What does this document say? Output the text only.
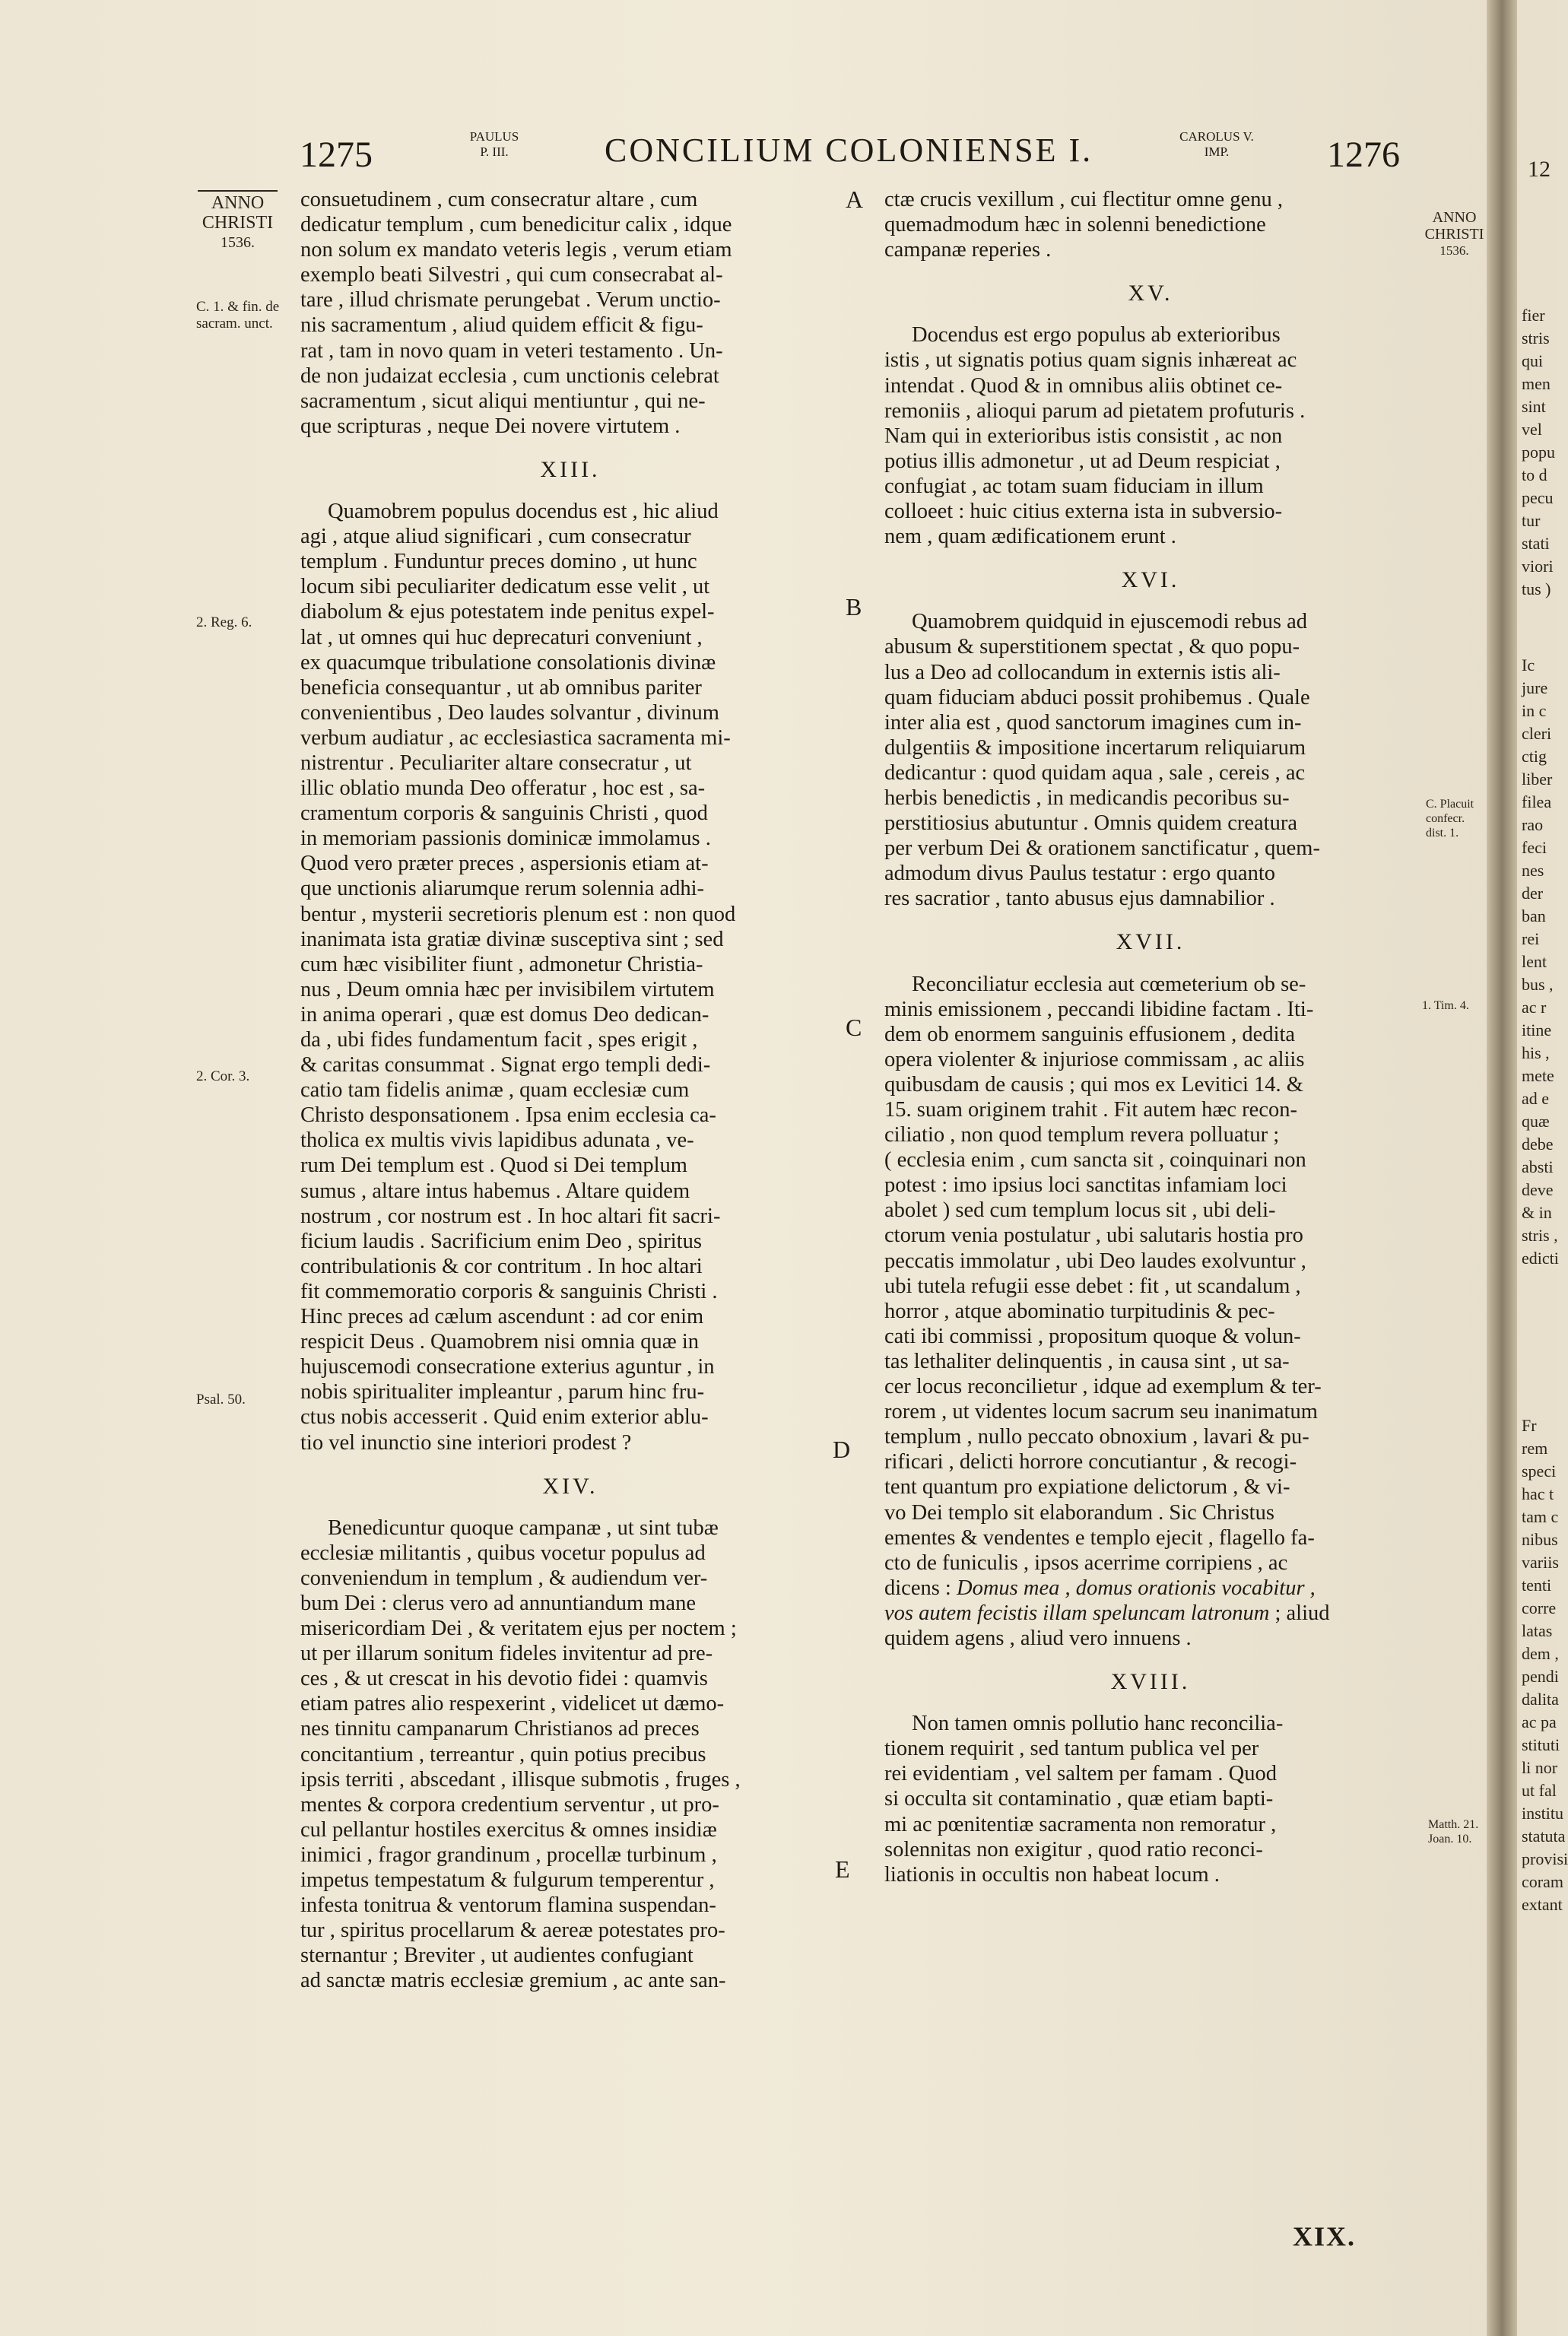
1275	PAULUS
P. III.	CONCILIUM COLONIENSE I.	CAROLUS V.
IMP.	1276
ANNO
CHRISTI
1536.
C. 1. & fin. de sacram. unct.
2. Reg. 6.
2. Cor. 3.
Psal. 50.
A
B
C
D
E
ANNO
CHRISTI
1536.
C. Placuit
confecr.
dist. 1.
1. Tim. 4.
Matth. 21.
Joan. 10.

consuetudinem , cum consecratur altare , cum
dedicatur templum , cum benedicitur calix , idque
non solum ex mandato veteris legis , verum etiam
exemplo beati Silvestri , qui cum consecrabat al-
tare , illud chrismate perungebat . Verum unctio-
nis sacramentum , aliud quidem efficit & figu-
rat , tam in novo quam in veteri testamento . Un-
de non judaizat ecclesia , cum unctionis celebrat
sacramentum , sicut aliqui mentiuntur , qui ne-
que scripturas , neque Dei novere virtutem .

XIII.

Quamobrem populus docendus est , hic aliud
agi , atque aliud significari , cum consecratur
templum . Funduntur preces domino , ut hunc
locum sibi peculiariter dedicatum esse velit , ut
diabolum & ejus potestatem inde penitus expel-
lat , ut omnes qui huc deprecaturi conveniunt ,
ex quacumque tribulatione consolationis divinæ
beneficia consequantur , ut ab omnibus pariter
convenientibus , Deo laudes solvantur , divinum
verbum audiatur , ac ecclesiastica sacramenta mi-
nistrentur . Peculiariter altare consecratur , ut
illic oblatio munda Deo offeratur , hoc est , sa-
cramentum corporis & sanguinis Christi , quod
in memoriam passionis dominicæ immolamus .
Quod vero præter preces , aspersionis etiam at-
que unctionis aliarumque rerum solennia adhi-
bentur , mysterii secretioris plenum est : non quod
inanimata ista gratiæ divinæ susceptiva sint ; sed
cum hæc visibiliter fiunt , admonetur Christia-
nus , Deum omnia hæc per invisibilem virtutem
in anima operari , quæ est domus Deo dedican-
da , ubi fides fundamentum facit , spes erigit ,
& caritas consummat . Signat ergo templi dedi-
catio tam fidelis animæ , quam ecclesiæ cum
Christo desponsationem . Ipsa enim ecclesia ca-
tholica ex multis vivis lapidibus adunata , ve-
rum Dei templum est . Quod si Dei templum
sumus , altare intus habemus . Altare quidem
nostrum , cor nostrum est . In hoc altari fit sacri-
ficium laudis . Sacrificium enim Deo , spiritus
contribulationis & cor contritum . In hoc altari
fit commemoratio corporis & sanguinis Christi .
Hinc preces ad cælum ascendunt : ad cor enim
respicit Deus . Quamobrem nisi omnia quæ in
hujuscemodi consecratione exterius aguntur , in
nobis spiritualiter impleantur , parum hinc fru-
ctus nobis accesserit . Quid enim exterior ablu-
tio vel inunctio sine interiori prodest ?

XIV.

Benedicuntur quoque campanæ , ut sint tubæ
ecclesiæ militantis , quibus vocetur populus ad
conveniendum in templum , & audiendum ver-
bum Dei : clerus vero ad annuntiandum mane
misericordiam Dei , & veritatem ejus per noctem ;
ut per illarum sonitum fideles invitentur ad pre-
ces , & ut crescat in his devotio fidei : quamvis
etiam patres alio respexerint , videlicet ut dæmo-
nes tinnitu campanarum Christianos ad preces
concitantium , terreantur , quin potius precibus
ipsis territi , abscedant , illisque submotis , fruges ,
mentes & corpora credentium serventur , ut pro-
cul pellantur hostiles exercitus & omnes insidiæ
inimici , fragor grandinum , procellæ turbinum ,
impetus tempestatum & fulgurum temperentur ,
infesta tonitrua & ventorum flamina suspendan-
tur , spiritus procellarum & aereæ potestates pro-
sternantur ; Breviter , ut audientes confugiant
ad sanctæ matris ecclesiæ gremium , ac ante san-

ctæ crucis vexillum , cui flectitur omne genu ,
quemadmodum hæc in solenni benedictione
campanæ reperies .

XV.

Docendus est ergo populus ab exterioribus
istis , ut signatis potius quam signis inhæreat ac
intendat . Quod & in omnibus aliis obtinet ce-
remoniis , alioqui parum ad pietatem profuturis .
Nam qui in exterioribus istis consistit , ac non
potius illis admonetur , ut ad Deum respiciat ,
confugiat , ac totam suam fiduciam in illum
colloeet : huic citius externa ista in subversio-
nem , quam ædificationem erunt .

XVI.

Quamobrem quidquid in ejuscemodi rebus ad
abusum & superstitionem spectat , & quo popu-
lus a Deo ad collocandum in externis istis ali-
quam fiduciam abduci possit prohibemus . Quale
inter alia est , quod sanctorum imagines cum in-
dulgentiis & impositione incertarum reliquiarum
dedicantur : quod quidam aqua , sale , cereis , ac
herbis benedictis , in medicandis pecoribus su-
perstitiosius abutuntur . Omnis quidem creatura
per verbum Dei & orationem sanctificatur , quem-
admodum divus Paulus testatur : ergo quanto
res sacratior , tanto abusus ejus damnabilior .

XVII.

Reconciliatur ecclesia aut cœmeterium ob se-
minis emissionem , peccandi libidine factam . Iti-
dem ob enormem sanguinis effusionem , dedita
opera violenter & injuriose commissam , ac aliis
quibusdam de causis ; qui mos ex Levitici 14. &
15. suam originem trahit . Fit autem hæc recon-
ciliatio , non quod templum revera polluatur ;
( ecclesia enim , cum sancta sit , coinquinari non
potest : imo ipsius loci sanctitas infamiam loci
abolet ) sed cum templum locus sit , ubi deli-
ctorum venia postulatur , ubi salutaris hostia pro
peccatis immolatur , ubi Deo laudes exolvuntur ,
ubi tutela refugii esse debet : fit , ut scandalum ,
horror , atque abominatio turpitudinis & pec-
cati ibi commissi , propositum quoque & volun-
tas lethaliter delinquentis , in causa sint , ut sa-
cer locus reconcilietur , idque ad exemplum & ter-
rorem , ut videntes locum sacrum seu inanimatum
templum , nullo peccato obnoxium , lavari & pu-
rificari , delicti horrore concutiantur , & recogi-
tent quantum pro expiatione delictorum , & vi-
vo Dei templo sit elaborandum . Sic Christus
ementes & vendentes e templo ejecit , flagello fa-
cto de funiculis , ipsos acerrime corripiens , ac
dicens : Domus mea , domus orationis vocabitur ,
vos autem fecistis illam speluncam latronum ; aliud
quidem agens , aliud vero innuens .

XVIII.

Non tamen omnis pollutio hanc reconcilia-
tionem requirit , sed tantum publica vel per
rei evidentiam , vel saltem per famam . Quod
si occulta sit contaminatio , quæ etiam bapti-
mi ac pœnitentiæ sacramenta non remoratur ,
solennitas non exigitur , quod ratio reconci-
liationis in occultis non habeat locum .

XIX.
12
fier
stris
qui
men
sint
vel
popu
to d
pecu
tur
stati
viori
tus )
Ic
jure
in c
cleri
ctig
liber
filea
rao
feci
nes
der
ban
rei
lent
bus ,
ac r
itine
his ,
mete
ad e
quæ
debe
absti
deve
& in
stris ,
edicti
Fr
rem
speci
hac t
tam c
nibus
variis
tenti
corre
latas
dem ,
pendi
dalita
ac pa
stituti
li nor
ut fal
institu
statuta
provisi
coram
extant
